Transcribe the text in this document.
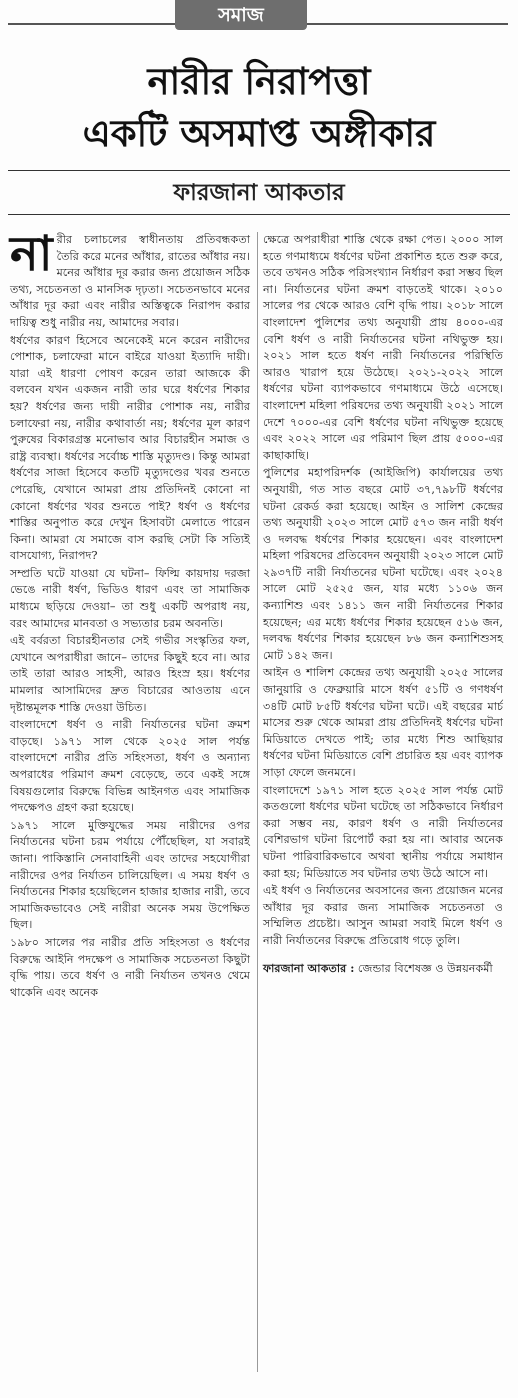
সমাজ
নারীর নিরাপত্তা
একটি অসমাপ্ত অঙ্গীকার
ফারজানা আকতার

নারীর চলাচলের স্বাধীনতায় প্রতিবন্ধকতা তৈরি করে মনের আঁধার, রাতের আঁধার নয়। মনের আঁধার দূর করার জন্য প্রয়োজন সঠিক তথ্য, সচেতনতা ও মানসিক দৃঢ়তা। সচেতনভাবে মনের আঁধার দূর করা এবং নারীর অস্তিত্বকে নিরাপদ করার দায়িত্ব শুধু নারীর নয়, আমাদের সবার।

ধর্ষণের কারণ হিসেবে অনেকেই মনে করেন নারীদের পোশাক, চলাফেরা মানে বাইরে যাওয়া ইত্যাদি দায়ী। যারা এই ধারণা পোষণ করেন তারা আজকে কী বলবেন যখন একজন নারী তার ঘরে ধর্ষণের শিকার হয়? ধর্ষণের জন্য দায়ী নারীর পোশাক নয়, নারীর চলাফেরা নয়, নারীর কথাবার্তা নয়; ধর্ষণের মূল কারণ পুরুষের বিকারগ্রস্ত মনোভাব আর বিচারহীন সমাজ ও রাষ্ট্র ব্যবস্থা। ধর্ষণের সর্বোচ্চ শাস্তি মৃত্যুদণ্ড। কিন্তু আমরা ধর্ষণের সাজা হিসেবে কতটি মৃত্যুদণ্ডের খবর শুনতে পেরেছি, যেখানে আমরা প্রায় প্রতিদিনই কোনো না কোনো ধর্ষণের খবর শুনতে পাই? ধর্ষণ ও ধর্ষণের শাস্তির অনুপাত করে দেখুন হিসাবটা মেলাতে পারেন কিনা। আমরা যে সমাজে বাস করছি সেটা কি সত্যিই বাসযোগ্য, নিরাপদ?

সম্প্রতি ঘটে যাওয়া যে ঘটনা– ফিল্মি কায়দায় দরজা ভেঙে নারী ধর্ষণ, ভিডিও ধারণ এবং তা সামাজিক মাধ্যমে ছড়িয়ে দেওয়া– তা শুধু একটি অপরাধ নয়, বরং আমাদের মানবতা ও সভ্যতার চরম অবনতি।

এই বর্বরতা বিচারহীনতার সেই গভীর সংস্কৃতির ফল, যেখানে অপরাধীরা জানে– তাদের কিছুই হবে না। আর তাই তারা আরও সাহসী, আরও হিংস্র হয়। ধর্ষণের মামলার আসামিদের দ্রুত বিচারের আওতায় এনে দৃষ্টান্তমূলক শাস্তি দেওয়া উচিত।

বাংলাদেশে ধর্ষণ ও নারী নির্যাতনের ঘটনা ক্রমশ বাড়ছে। ১৯৭১ সাল থেকে ২০২৫ সাল পর্যন্ত বাংলাদেশে নারীর প্রতি সহিংসতা, ধর্ষণ ও অন্যান্য অপরাধের পরিমাণ ক্রমশ বেড়েছে, তবে একই সঙ্গে বিষয়গুলোর বিরুদ্ধে বিভিন্ন আইনগত এবং সামাজিক পদক্ষেপও গ্রহণ করা হয়েছে।

১৯৭১ সালে মুক্তিযুদ্ধের সময় নারীদের ওপর নির্যাতনের ঘটনা চরম পর্যায়ে পৌঁছেছিল, যা সবারই জানা। পাকিস্তানি সেনাবাহিনী এবং তাদের সহযোগীরা নারীদের ওপর নির্যাতন চালিয়েছিল। এ সময় ধর্ষণ ও নির্যাতনের শিকার হয়েছিলেন হাজার হাজার নারী, তবে সামাজিকভাবেও সেই নারীরা অনেক সময় উপেক্ষিত ছিল।

১৯৮০ সালের পর নারীর প্রতি সহিংসতা ও ধর্ষণের বিরুদ্ধে আইনি পদক্ষেপ ও সামাজিক সচেতনতা কিছুটা বৃদ্ধি পায়। তবে ধর্ষণ ও নারী নির্যাতন তখনও থেমে থাকেনি এবং অনেক

ক্ষেত্রে অপরাধীরা শাস্তি থেকে রক্ষা পেত। ২০০০ সাল হতে গণমাধ্যমে ধর্ষণের ঘটনা প্রকাশিত হতে শুরু করে, তবে তখনও সঠিক পরিসংখ্যান নির্ধারণ করা সম্ভব ছিল না। নির্যাতনের ঘটনা ক্রমশ বাড়তেই থাকে। ২০১০ সালের পর থেকে আরও বেশি বৃদ্ধি পায়। ২০১৮ সালে বাংলাদেশ পুলিশের তথ্য অনুযায়ী প্রায় ৪০০০-এর বেশি ধর্ষণ ও নারী নির্যাতনের ঘটনা নথিভুক্ত হয়। ২০২১ সাল হতে ধর্ষণ নারী নির্যাতনের পরিস্থিতি আরও খারাপ হয়ে উঠেছে। ২০২১-২০২২ সালে ধর্ষণের ঘটনা ব্যাপকভাবে গণমাধ্যমে উঠে এসেছে। বাংলাদেশ মহিলা পরিষদের তথ্য অনুযায়ী ২০২১ সালে দেশে ৭০০০-এর বেশি ধর্ষণের ঘটনা নথিভুক্ত হয়েছে এবং ২০২২ সালে এর পরিমাণ ছিল প্রায় ৫০০০-এর কাছাকাছি।

পুলিশের মহাপরিদর্শক (আইজিপি) কার্যালয়ের তথ্য অনুযায়ী, গত সাত বছরে মোট ৩৭,৭৯৮টি ধর্ষণের ঘটনা রেকর্ড করা হয়েছে। আইন ও সালিশ কেন্দ্রের তথ্য অনুযায়ী ২০২৩ সালে মোট ৫৭৩ জন নারী ধর্ষণ ও দলবদ্ধ ধর্ষণের শিকার হয়েছেন। এবং বাংলাদেশ মহিলা পরিষদের প্রতিবেদন অনুযায়ী ২০২৩ সালে মোট ২৯৩৭টি নারী নির্যাতনের ঘটনা ঘটেছে। এবং ২০২৪ সালে মোট ২৫২৫ জন, যার মধ্যে ১১০৬ জন কন্যাশিশু এবং ১৪১১ জন নারী নির্যাতনের শিকার হয়েছেন; এর মধ্যে ধর্ষণের শিকার হয়েছেন ৫১৬ জন, দলবদ্ধ ধর্ষণের শিকার হয়েছেন ৮৬ জন কন্যাশিশুসহ মোট ১৪২ জন।

আইন ও শালিশ কেন্দ্রের তথ্য অনুযায়ী ২০২৫ সালের জানুয়ারি ও ফেব্রুয়ারি মাসে ধর্ষণ ৫১টি ও গণধর্ষণ ৩৪টি মোট ৮৫টি ধর্ষণের ঘটনা ঘটে। এই বছরের মার্চ মাসের শুরু থেকে আমরা প্রায় প্রতিদিনই ধর্ষণের ঘটনা মিডিয়াতে দেখতে পাই; তার মধ্যে শিশু আছিয়ার ধর্ষণের ঘটনা মিডিয়াতে বেশি প্রচারিত হয় এবং ব্যাপক সাড়া ফেলে জনমনে।

বাংলাদেশে ১৯৭১ সাল হতে ২০২৫ সাল পর্যন্ত মোট কতগুলো ধর্ষণের ঘটনা ঘটেছে তা সঠিকভাবে নির্ধারণ করা সম্ভব নয়, কারণ ধর্ষণ ও নারী নির্যাতনের বেশিরভাগ ঘটনা রিপোর্ট করা হয় না। আবার অনেক ঘটনা পারিবারিকভাবে অথবা স্থানীয় পর্যায়ে সমাধান করা হয়; মিডিয়াতে সব ঘটনার তথ্য উঠে আসে না।

এই ধর্ষণ ও নির্যাতনের অবসানের জন্য প্রয়োজন মনের আঁধার দূর করার জন্য সামাজিক সচেতনতা ও সম্মিলিত প্রচেষ্টা। আসুন আমরা সবাই মিলে ধর্ষণ ও নারী নির্যাতনের বিরুদ্ধে প্রতিরোধ গড়ে তুলি।

ফারজানা আকতার : জেন্ডার বিশেষজ্ঞ ও উন্নয়নকর্মী
